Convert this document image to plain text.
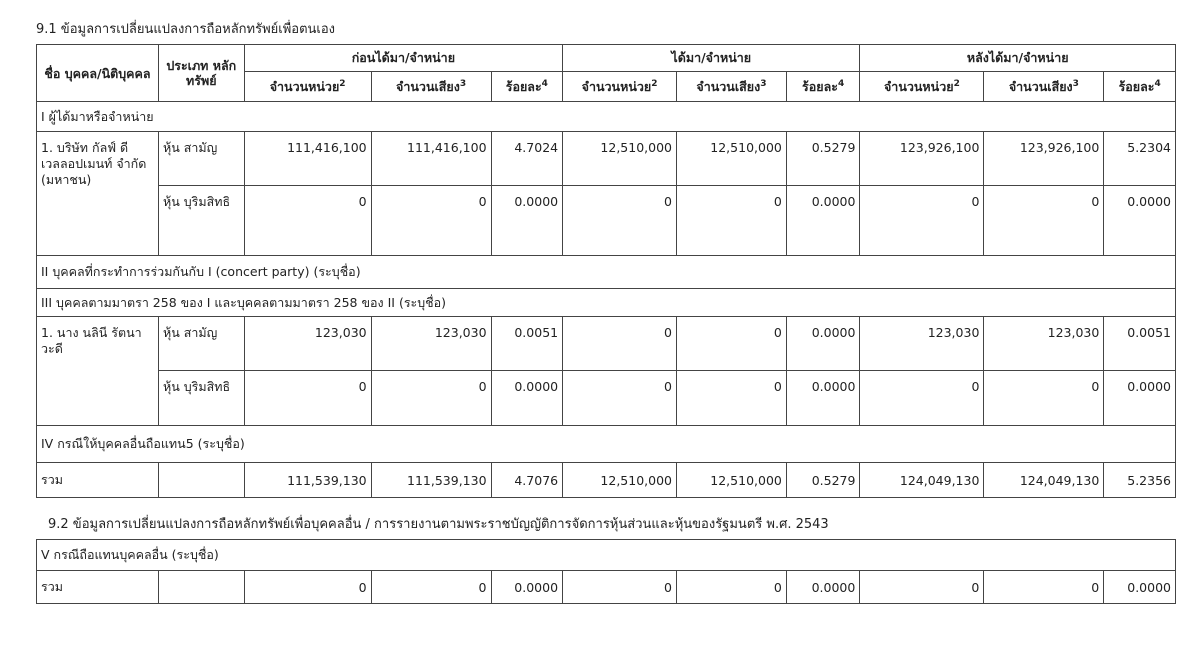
9.1 ข้อมูลการเปลี่ยนแปลงการถือหลักทรัพย์เพื่อตนเอง
ชื่อ บุคคล/นิติบุคคล	ประเภท หลักทรัพย์	ก่อนได้มา/จำหน่าย			ได้มา/จำหน่าย			หลังได้มา/จำหน่าย		
		จำนวนหน่วย$^2$	จำนวนเสียง$^3$	ร้อยละ$^4$	จำนวนหน่วย$^2$	จำนวนเสียง$^3$	ร้อยละ$^4$	จำนวนหน่วย$^2$	จำนวนเสียง$^3$	ร้อยละ$^4$
I ผู้ได้มาหรือจำหน่าย										
1. บริษัท กัลฟ์ ดี เวลลอปเมนท์ จำกัด (มหาชน)	หุ้น สามัญ	111,416,100	111,416,100	4.7024	12,510,000	12,510,000	0.5279	123,926,100	123,926,100	5.2304
	หุ้น บุริมสิทธิ	0	0	0.0000	0	0	0.0000	0	0	0.0000
II บุคคลที่กระทำการร่วมกันกับ I (concert party) (ระบุชื่อ)										
III บุคคลตามมาตรา 258 ของ I และบุคคลตามมาตรา 258 ของ II (ระบุชื่อ)										
1. นาง นลินี รัตนาวะดี	หุ้น สามัญ	123,030	123,030	0.0051	0	0	0.0000	123,030	123,030	0.0051
	หุ้น บุริมสิทธิ	0	0	0.0000	0	0	0.0000	0	0	0.0000
IV กรณีให้บุคคลอื่นถือแทน5 (ระบุชื่อ)										
รวม		111,539,130	111,539,130	4.7076	12,510,000	12,510,000	0.5279	124,049,130	124,049,130	5.2356
9.2 ข้อมูลการเปลี่ยนแปลงการถือหลักทรัพย์เพื่อบุคคลอื่น / การรายงานตามพระราชบัญญัติการจัดการหุ้นส่วนและหุ้นของรัฐมนตรี พ.ศ. 2543
V กรณีถือแทนบุคคลอื่น (ระบุชื่อ)
รวม		0	0	0.0000	0	0	0.0000	0	0	0.0000
